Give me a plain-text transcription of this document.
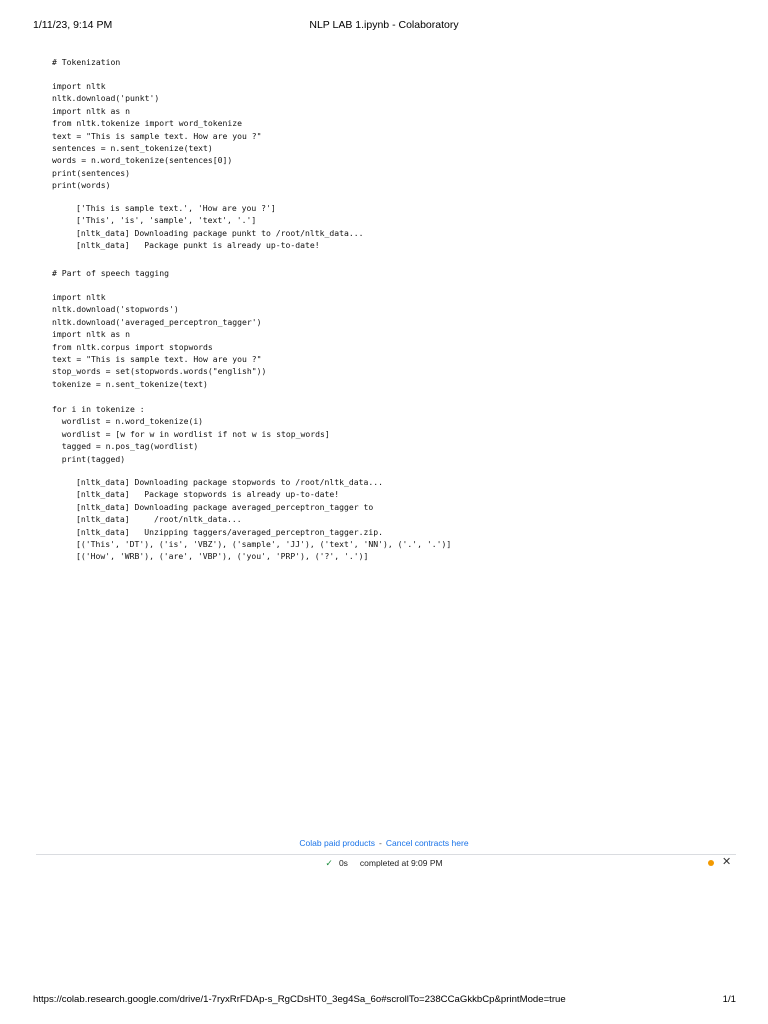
1/11/23, 9:14 PM	NLP LAB 1.ipynb - Colaboratory
# Tokenization
import nltk
nltk.download('punkt')
import nltk as n
from nltk.tokenize import word_tokenize
text = "This is sample text. How are you ?"
sentences = n.sent_tokenize(text)
words = n.word_tokenize(sentences[0])
print(sentences)
print(words)
['This is sample text.', 'How are you ?']
['This', 'is', 'sample', 'text', '.']
[nltk_data] Downloading package punkt to /root/nltk_data...
[nltk_data]   Package punkt is already up-to-date!
# Part of speech tagging
import nltk
nltk.download('stopwords')
nltk.download('averaged_perceptron_tagger')
import nltk as n
from nltk.corpus import stopwords
text = "This is sample text. How are you ?"
stop_words = set(stopwords.words("english"))
tokenize = n.sent_tokenize(text)
for i in tokenize :
wordlist = n.word_tokenize(i)
wordlist = [w for w in wordlist if not w is stop_words]
tagged = n.pos_tag(wordlist)
print(tagged)
[nltk_data] Downloading package stopwords to /root/nltk_data...
[nltk_data]   Package stopwords is already up-to-date!
[nltk_data] Downloading package averaged_perceptron_tagger to
[nltk_data]     /root/nltk_data...
[nltk_data]   Unzipping taggers/averaged_perceptron_tagger.zip.
[('This', 'DT'), ('is', 'VBZ'), ('sample', 'JJ'), ('text', 'NN'), ('.', '.')]
[('How', 'WRB'), ('are', 'VBP'), ('you', 'PRP'), ('?', '.')]
Colab paid products - Cancel contracts here
✓ 0s completed at 9:09 PM	✕
https://colab.research.google.com/drive/1-7ryxRrFDAp-s_RgCDsHT0_3eg4Sa_6o#scrollTo=238CCaGkkbCp&printMode=true	1/1
